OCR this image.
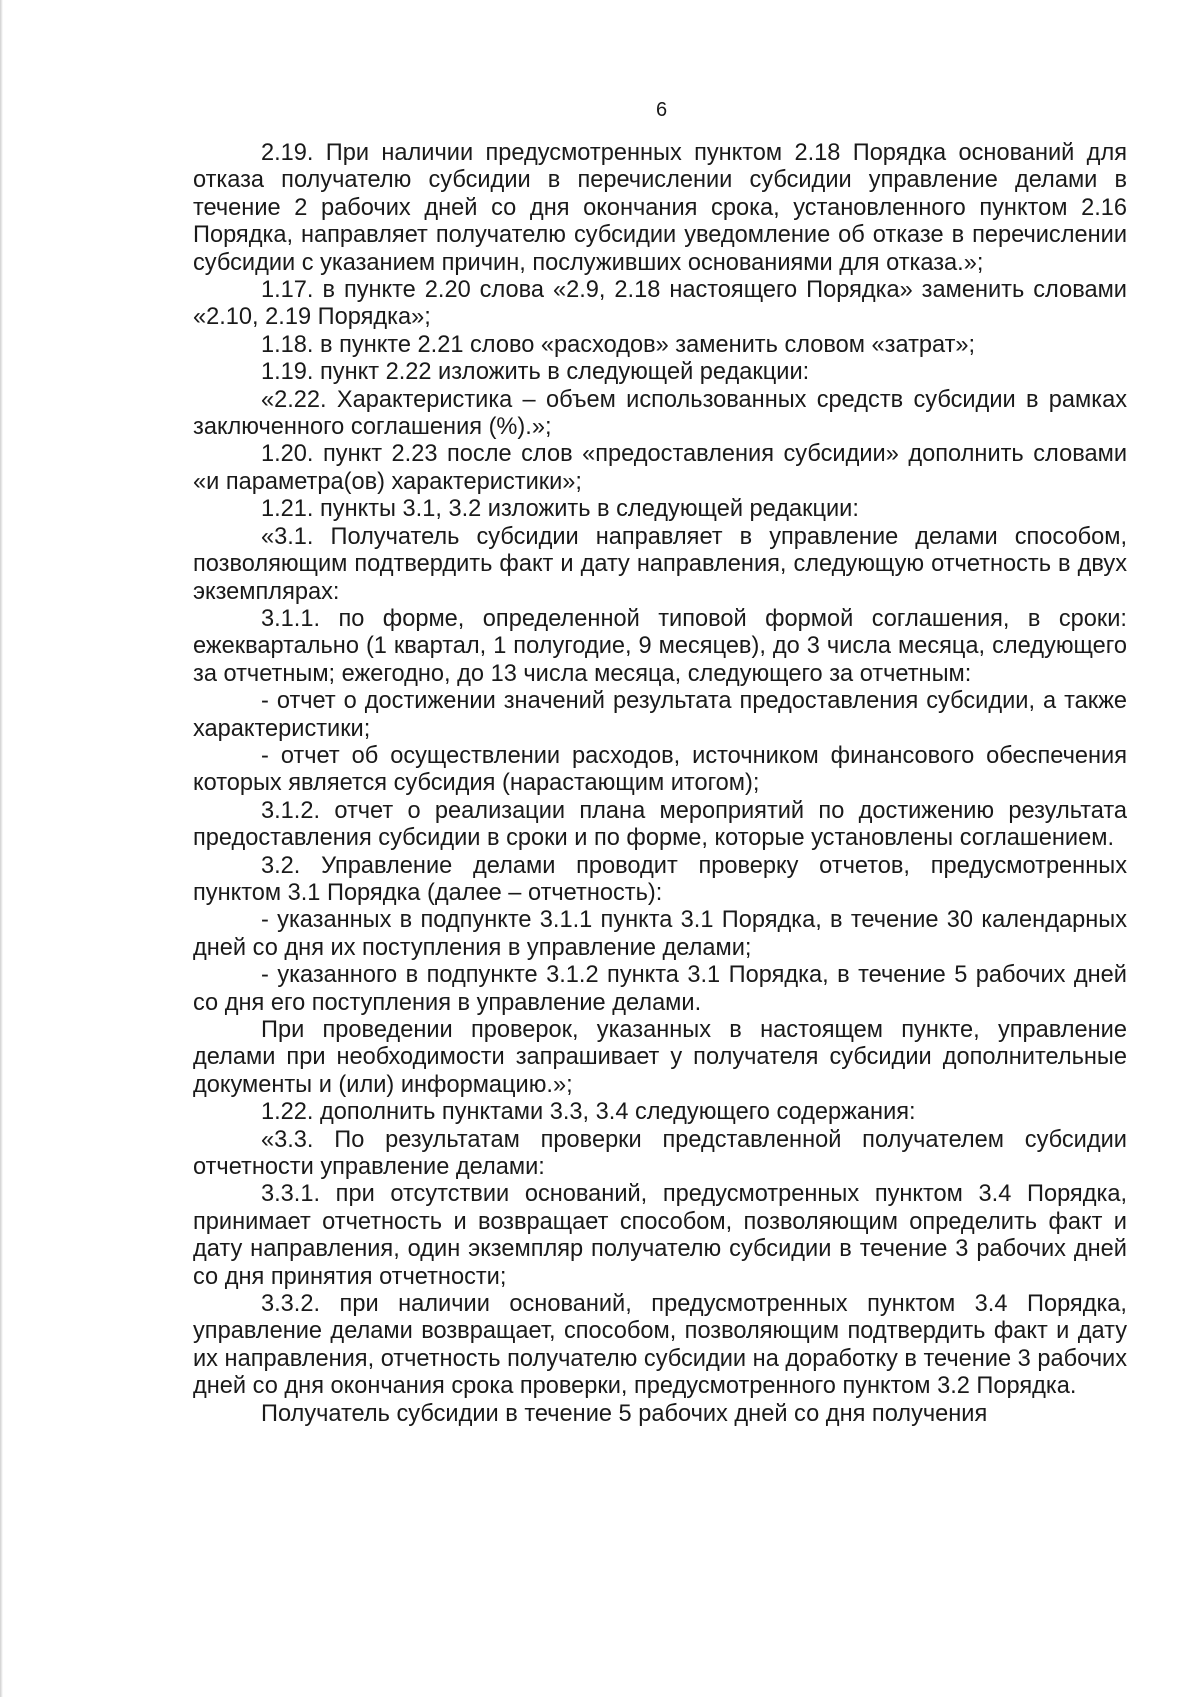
6

2.19. При наличии предусмотренных пунктом 2.18 Порядка оснований для отказа получателю субсидии в перечислении субсидии управление делами в течение 2 рабочих дней со дня окончания срока, установленного пунктом 2.16 Порядка, направляет получателю субсидии уведомление об отказе в перечислении субсидии с указанием причин, послуживших основаниями для отказа.»;

1.17. в пункте 2.20 слова «2.9, 2.18 настоящего Порядка» заменить словами «2.10, 2.19 Порядка»;

1.18. в пункте 2.21 слово «расходов» заменить словом «затрат»;

1.19. пункт 2.22 изложить в следующей редакции:

«2.22. Характеристика – объем использованных средств субсидии в рамках заключенного соглашения (%).»;

1.20. пункт 2.23 после слов «предоставления субсидии» дополнить словами «и параметра(ов) характеристики»;

1.21. пункты 3.1, 3.2 изложить в следующей редакции:

«3.1. Получатель субсидии направляет в управление делами способом, позволяющим подтвердить факт и дату направления, следующую отчетность в двух экземплярах:

3.1.1. по форме, определенной типовой формой соглашения, в сроки: ежеквартально (1 квартал, 1 полугодие, 9 месяцев), до 3 числа месяца, следующего за отчетным; ежегодно, до 13 числа месяца, следующего за отчетным:

- отчет о достижении значений результата предоставления субсидии, а также характеристики;

- отчет об осуществлении расходов, источником финансового обеспечения которых является субсидия (нарастающим итогом);

3.1.2. отчет о реализации плана мероприятий по достижению результата предоставления субсидии в сроки и по форме, которые установлены соглашением.

3.2. Управление делами проводит проверку отчетов, предусмотренных пунктом 3.1 Порядка (далее – отчетность):

- указанных в подпункте 3.1.1 пункта 3.1 Порядка, в течение 30 календарных дней со дня их поступления в управление делами;

- указанного в подпункте 3.1.2 пункта 3.1 Порядка, в течение 5 рабочих дней со дня его поступления в управление делами.

При проведении проверок, указанных в настоящем пункте, управление делами при необходимости запрашивает у получателя субсидии дополнительные документы и (или) информацию.»;

1.22. дополнить пунктами 3.3, 3.4 следующего содержания:

«3.3. По результатам проверки представленной получателем субсидии отчетности управление делами:

3.3.1. при отсутствии оснований, предусмотренных пунктом 3.4 Порядка, принимает отчетность и возвращает способом, позволяющим определить факт и дату направления, один экземпляр получателю субсидии в течение 3 рабочих дней со дня принятия отчетности;

3.3.2. при наличии оснований, предусмотренных пунктом 3.4 Порядка, управление делами возвращает, способом, позволяющим подтвердить факт и дату их направления, отчетность получателю субсидии на доработку в течение 3 рабочих дней со дня окончания срока проверки, предусмотренного пунктом 3.2 Порядка.

Получатель субсидии в течение 5 рабочих дней со дня получения
